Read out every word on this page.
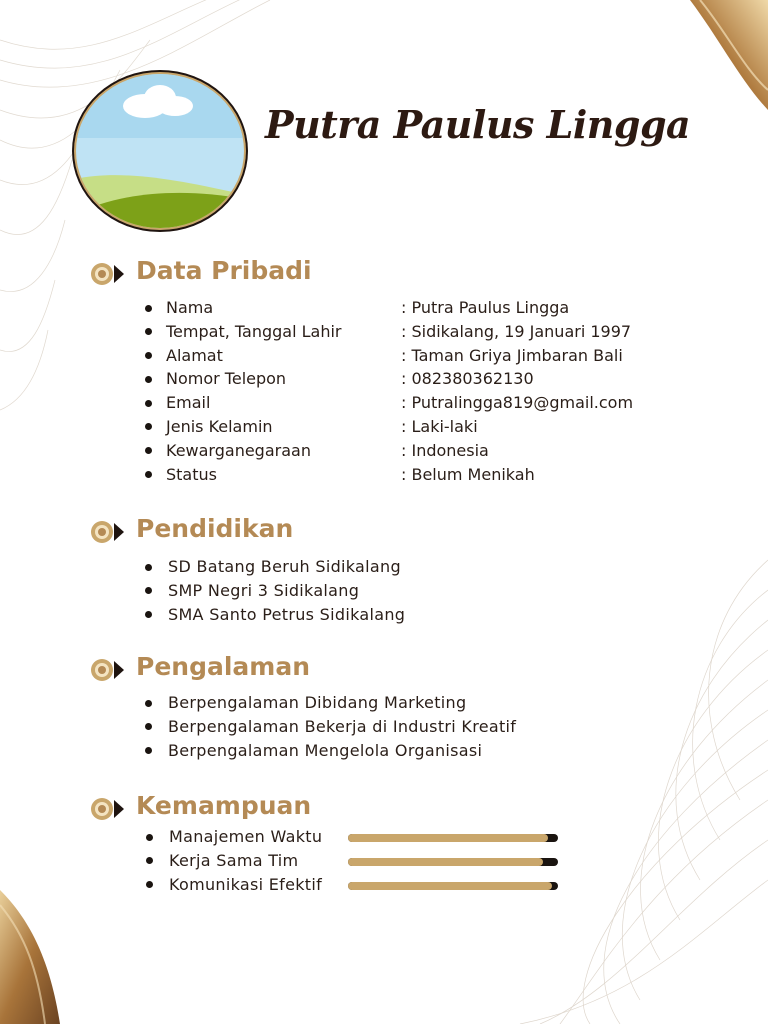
Putra Paulus Lingga
Data Pribadi
Nama	: Putra Paulus Lingga
Tempat, Tanggal Lahir	: Sidikalang, 19 Januari 1997
Alamat	: Taman Griya Jimbaran Bali
Nomor Telepon	: 082380362130
Email	: Putralingga819@gmail.com
Jenis Kelamin	: Laki-laki
Kewarganegaraan	: Indonesia
Status	: Belum Menikah
Pendidikan
SD Batang Beruh Sidikalang
SMP Negri 3 Sidikalang
SMA Santo Petrus Sidikalang
Pengalaman
Berpengalaman Dibidang Marketing
Berpengalaman Bekerja di Industri Kreatif
Berpengalaman Mengelola Organisasi
Kemampuan
Manajemen Waktu
Kerja Sama Tim
Komunikasi Efektif
